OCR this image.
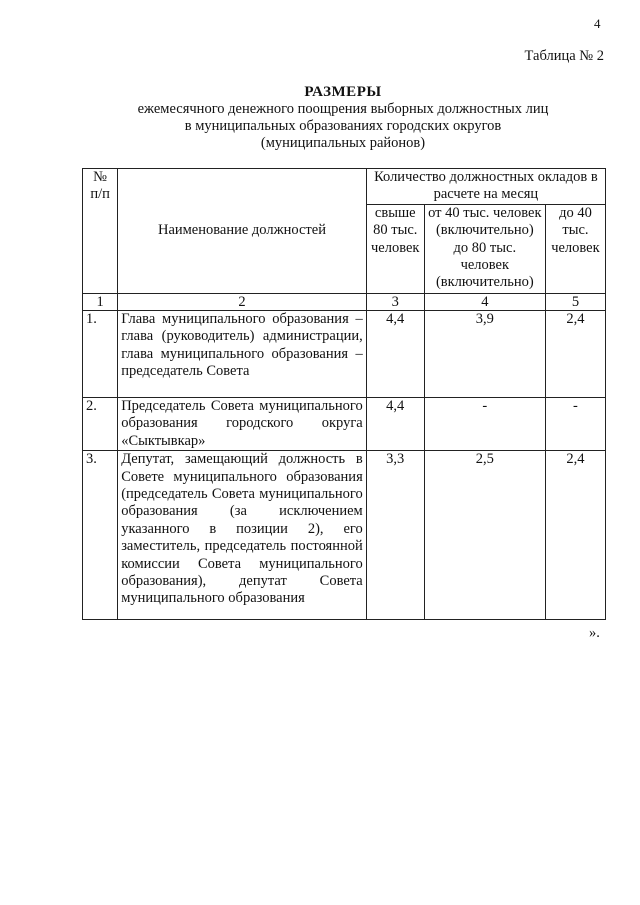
4
Таблица № 2
РАЗМЕРЫ
ежемесячного денежного поощрения выборных должностных лиц
в муниципальных образованиях городских округов
(муниципальных районов)
№ п/п	Наименование должностей	Количество должностных окладов в расчете на месяц		

		свыше 80 тыс. человек	от 40 тыс. человек (включительно) до 80 тыс. человек (включительно)	до 40 тыс. человек

1	2	3	4	5
1.	Глава муниципального образования – глава (руководитель) администрации, глава муниципального образования – председатель Совета	4,4	3,9	2,4
2.	Председатель Совета муниципального образования городского округа «Сыктывкар»	4,4	-	-
3.	Депутат, замещающий должность в Совете муниципального образования (председатель Совета муниципального образования (за исключением указанного в позиции 2), его заместитель, председатель постоянной комиссии Совета муниципального образования), депутат Совета муниципального образования	3,3	2,5	2,4
».
